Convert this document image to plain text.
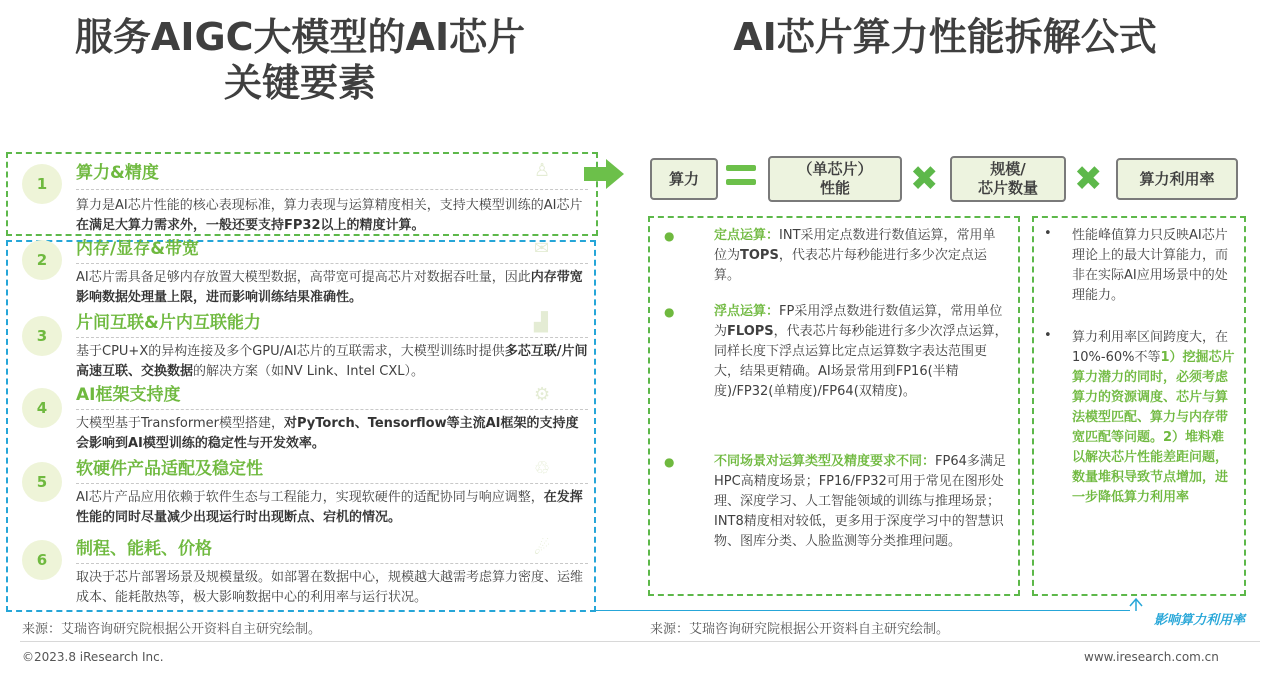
服务AIGC大模型的AI芯片
关键要素
AI芯片算力性能拆解公式
1
算力&精度	♙
算力是AI芯片性能的核心表现标准，算力表现与运算精度相关，支持大模型训练的AI芯片在满足大算力需求外，一般还要支持FP32以上的精度计算。
2
内存/显存&带宽	✉
AI芯片需具备足够内存放置大模型数据，高带宽可提高芯片对数据吞吐量，因此内存带宽影响数据处理量上限，进而影响训练结果准确性。
3
片间互联&片内互联能力	▟
基于CPU+X的异构连接及多个GPU/AI芯片的互联需求，大模型训练时提供多芯互联/片间高速互联、交换数据的解决方案（如NV Link、Intel CXL）。
4
AI框架支持度	⚙
大模型基于Transformer模型搭建，对PyTorch、Tensorflow等主流AI框架的支持度会影响到AI模型训练的稳定性与开发效率。
5
软硬件产品适配及稳定性	♲
AI芯片产品应用依赖于软件生态与工程能力，实现软硬件的适配协同与响应调整，在发挥性能的同时尽量减少出现运行时出现断点、宕机的情况。
6
制程、能耗、价格	☄
取决于芯片部署场景及规模量级。如部署在数据中心，规模越大越需考虑算力密度、运维成本、能耗散热等，极大影响数据中心的利用率与运行状况。
算力
（单芯片）
性能 ✖	规模/
芯片数量 ✖	算力利用率
●	定点运算：INT采用定点数进行数值运算，常用单位为TOPS，代表芯片每秒能进行多少次定点运算。
●	浮点运算：FP采用浮点数进行数值运算，常用单位为FLOPS，代表芯片每秒能进行多少次浮点运算，同样长度下浮点运算比定点运算数字表达范围更大，结果更精确。AI场景常用到FP16(半精度)/FP32(单精度)/FP64(双精度)。
●	不同场景对运算类型及精度要求不同：FP64多满足HPC高精度场景；FP16/FP32可用于常见在图形处理、深度学习、人工智能领域的训练与推理场景；INT8精度相对较低，更多用于深度学习中的智慧识物、图库分类、人脸监测等分类推理问题。
• 性能峰值算力只反映AI芯片理论上的最大计算能力，而非在实际AI应用场景中的处理能力。
• 算力利用率区间跨度大，在10%-60%不等1）挖掘芯片算力潜力的同时，必须考虑算力的资源调度、芯片与算法模型匹配、算力与内存带宽匹配等问题。2）堆料难以解决芯片性能差距问题，数量堆积导致节点增加，进一步降低算力利用率
影响算力利用率
来源：艾瑞咨询研究院根据公开资料自主研究绘制。	来源：艾瑞咨询研究院根据公开资料自主研究绘制。
©2023.8 iResearch Inc.	www.iresearch.com.cn
